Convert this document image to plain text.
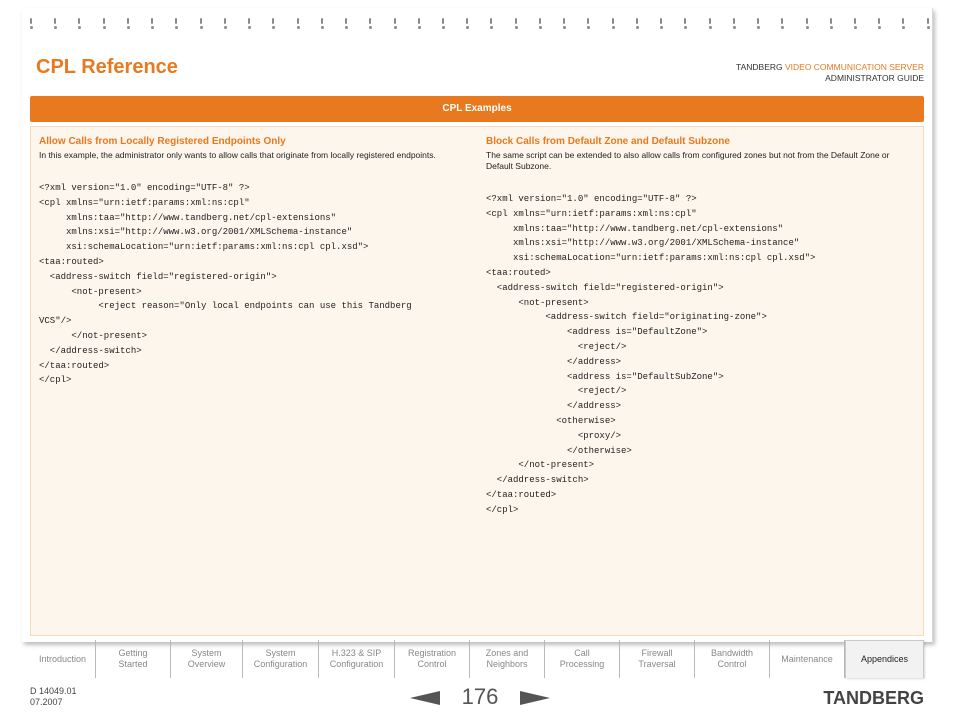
CPL Reference	TANDBERG VIDEO COMMUNICATION SERVER
ADMINISTRATOR GUIDE
CPL Examples
Allow Calls from Locally Registered Endpoints Only

In this example, the administrator only wants to allow calls that originate from locally registered endpoints.

<?xml version="1.0" encoding="UTF-8" ?>
<cpl xmlns="urn:ietf:params:xml:ns:cpl"
xmlns:taa="http://www.tandberg.net/cpl-extensions"
xmlns:xsi="http://www.w3.org/2001/XMLSchema-instance"
xsi:schemaLocation="urn:ietf:params:xml:ns:cpl cpl.xsd">
<taa:routed>
<address-switch field="registered-origin">
<not-present>
<reject reason="Only local endpoints can use this Tandberg
VCS"/>
</not-present>
</address-switch>
</taa:routed>
</cpl>
Block Calls from Default Zone and Default Subzone

The same script can be extended to also allow calls from configured zones but not from the Default Zone or Default Subzone.

<?xml version="1.0" encoding="UTF-8" ?>
<cpl xmlns="urn:ietf:params:xml:ns:cpl"
xmlns:taa="http://www.tandberg.net/cpl-extensions"
xmlns:xsi="http://www.w3.org/2001/XMLSchema-instance"
xsi:schemaLocation="urn:ietf:params:xml:ns:cpl cpl.xsd">
<taa:routed>
<address-switch field="registered-origin">
<not-present>
<address-switch field="originating-zone">
<address is="DefaultZone">
<reject/>
</address>
<address is="DefaultSubZone">
<reject/>
</address>
<otherwise>
<proxy/>
</otherwise>
</not-present>
</address-switch>
</taa:routed>
</cpl>
Introduction
Getting
Started
System
Overview
System
Configuration
H.323 & SIP
Configuration
Registration
Control
Zones and
Neighbors
Call
Processing
Firewall
Traversal
Bandwidth
Control
Maintenance	Appendices
D 14049.01
07.2007	176	TANDBERG
